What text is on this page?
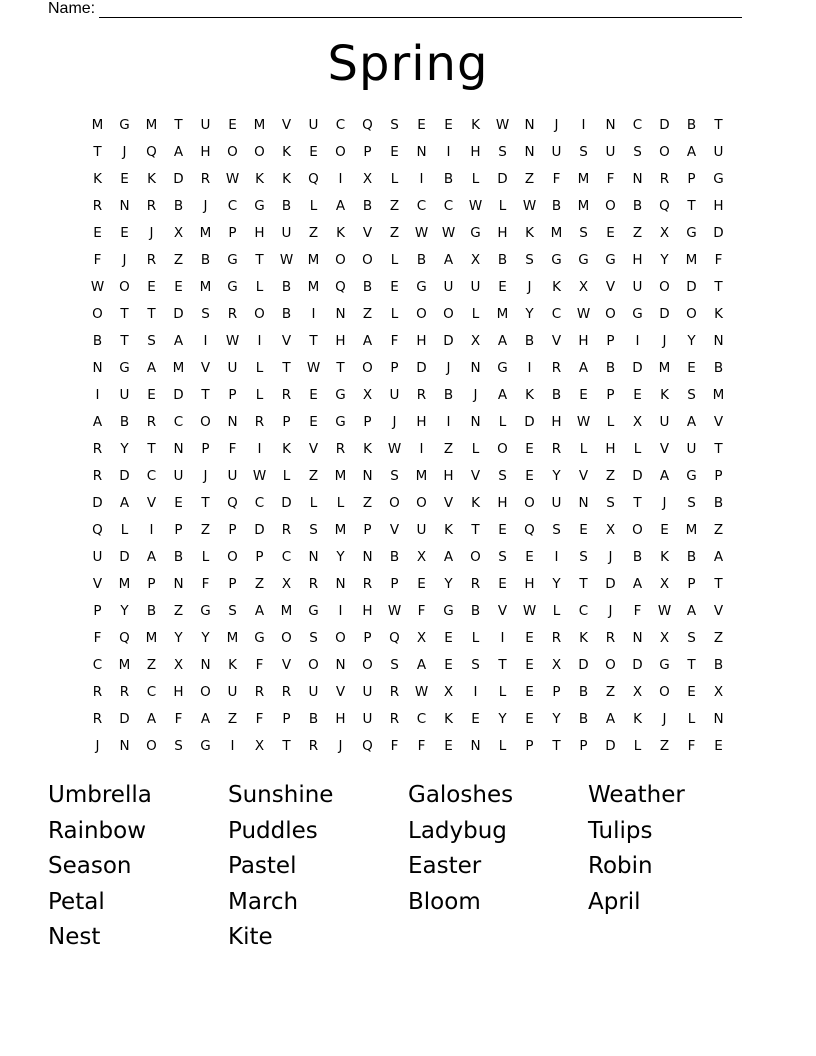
Name:
Spring
M	G	M	T	U	E	M	V	U	C	Q	S	E	E	K	W	N	J	I	N	C	D	B	T
T	J	Q	A	H	O	O	K	E	O	P	E	N	I	H	S	N	U	S	U	S	O	A	U
K	E	K	D	R	W	K	K	Q	I	X	L	I	B	L	D	Z	F	M	F	N	R	P	G
R	N	R	B	J	C	G	B	L	A	B	Z	C	C	W	L	W	B	M	O	B	Q	T	H
E	E	J	X	M	P	H	U	Z	K	V	Z	W	W	G	H	K	M	S	E	Z	X	G	D
F	J	R	Z	B	G	T	W	M	O	O	L	B	A	X	B	S	G	G	G	H	Y	M	F
W	O	E	E	M	G	L	B	M	Q	B	E	G	U	U	E	J	K	X	V	U	O	D	T
O	T	T	D	S	R	O	B	I	N	Z	L	O	O	L	M	Y	C	W	O	G	D	O	K
B	T	S	A	I	W	I	V	T	H	A	F	H	D	X	A	B	V	H	P	I	J	Y	N
N	G	A	M	V	U	L	T	W	T	O	P	D	J	N	G	I	R	A	B	D	M	E	B
I	U	E	D	T	P	L	R	E	G	X	U	R	B	J	A	K	B	E	P	E	K	S	M
A	B	R	C	O	N	R	P	E	G	P	J	H	I	N	L	D	H	W	L	X	U	A	V
R	Y	T	N	P	F	I	K	V	R	K	W	I	Z	L	O	E	R	L	H	L	V	U	T
R	D	C	U	J	U	W	L	Z	M	N	S	M	H	V	S	E	Y	V	Z	D	A	G	P
D	A	V	E	T	Q	C	D	L	L	Z	O	O	V	K	H	O	U	N	S	T	J	S	B
Q	L	I	P	Z	P	D	R	S	M	P	V	U	K	T	E	Q	S	E	X	O	E	M	Z
U	D	A	B	L	O	P	C	N	Y	N	B	X	A	O	S	E	I	S	J	B	K	B	A
V	M	P	N	F	P	Z	X	R	N	R	P	E	Y	R	E	H	Y	T	D	A	X	P	T
P	Y	B	Z	G	S	A	M	G	I	H	W	F	G	B	V	W	L	C	J	F	W	A	V
F	Q	M	Y	Y	M	G	O	S	O	P	Q	X	E	L	I	E	R	K	R	N	X	S	Z
C	M	Z	X	N	K	F	V	O	N	O	S	A	E	S	T	E	X	D	O	D	G	T	B
R	R	C	H	O	U	R	R	U	V	U	R	W	X	I	L	E	P	B	Z	X	O	E	X
R	D	A	F	A	Z	F	P	B	H	U	R	C	K	E	Y	E	Y	B	A	K	J	L	N
J	N	O	S	G	I	X	T	R	J	Q	F	F	E	N	L	P	T	P	D	L	Z	F	E
Umbrella	Sunshine	Galoshes	Weather
Rainbow	Puddles	Ladybug	Tulips
Season	Pastel	Easter	Robin
Petal	March	Bloom	April
Nest	Kite
